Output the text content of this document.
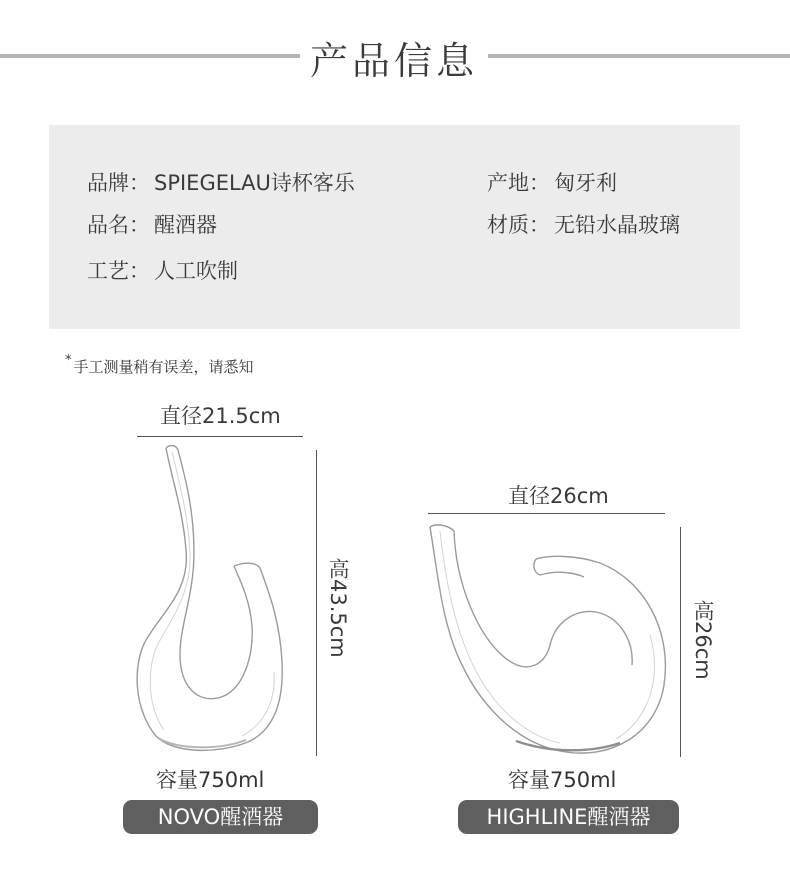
产品信息
品牌： SPIEGELAU诗杯客乐	产地： 匈牙利
品名： 醒酒器	材质： 无铅水晶玻璃
工艺： 人工吹制
* 手工测量稍有误差，请悉知
直径21.5cm
高43.5cm
容量750ml
NOVO醒酒器
直径26cm
高26cm
容量750ml
HIGHLINE醒酒器
